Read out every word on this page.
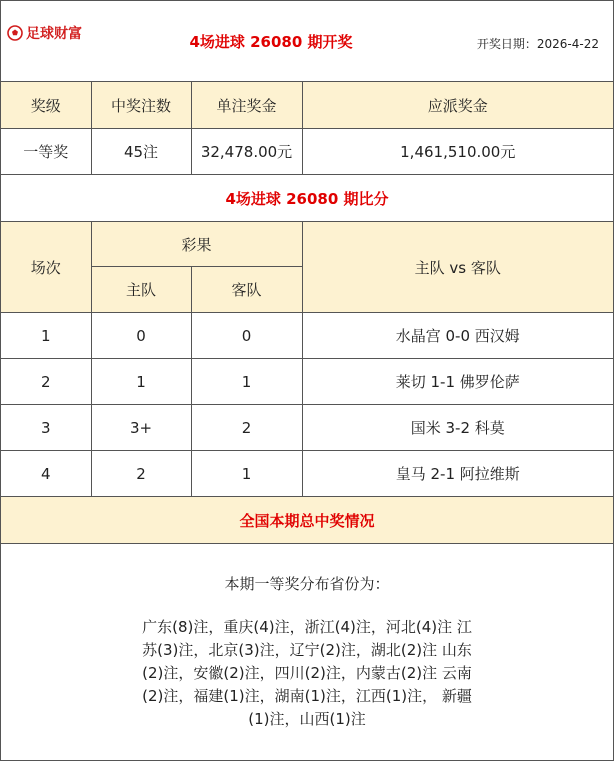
足球财富	4场进球 26080 期开奖	开奖日期：2026-4-22
奖级	中奖注数	单注奖金	应派奖金
一等奖	45注	32,478.00元	1,461,510.00元
4场进球 26080 期比分			
场次	彩果		主队 vs 客队
	主队	客队	
1	0	0	水晶宫 0-0 西汉姆
2	1	1	莱切 1-1 佛罗伦萨
3	3+	2	国米 3-2 科莫
4	2	1	皇马 2-1 阿拉维斯
全国本期总中奖情况			

本期一等奖分布省份为：
广东(8)注，重庆(4)注，浙江(4)注，河北(4)注 江苏(3)注，北京(3)注，辽宁(2)注，湖北(2)注 山东(2)注，安徽(2)注，四川(2)注，内蒙古(2)注 云南(2)注，福建(1)注，湖南(1)注，江西(1)注， 新疆(1)注，山西(1)注			
